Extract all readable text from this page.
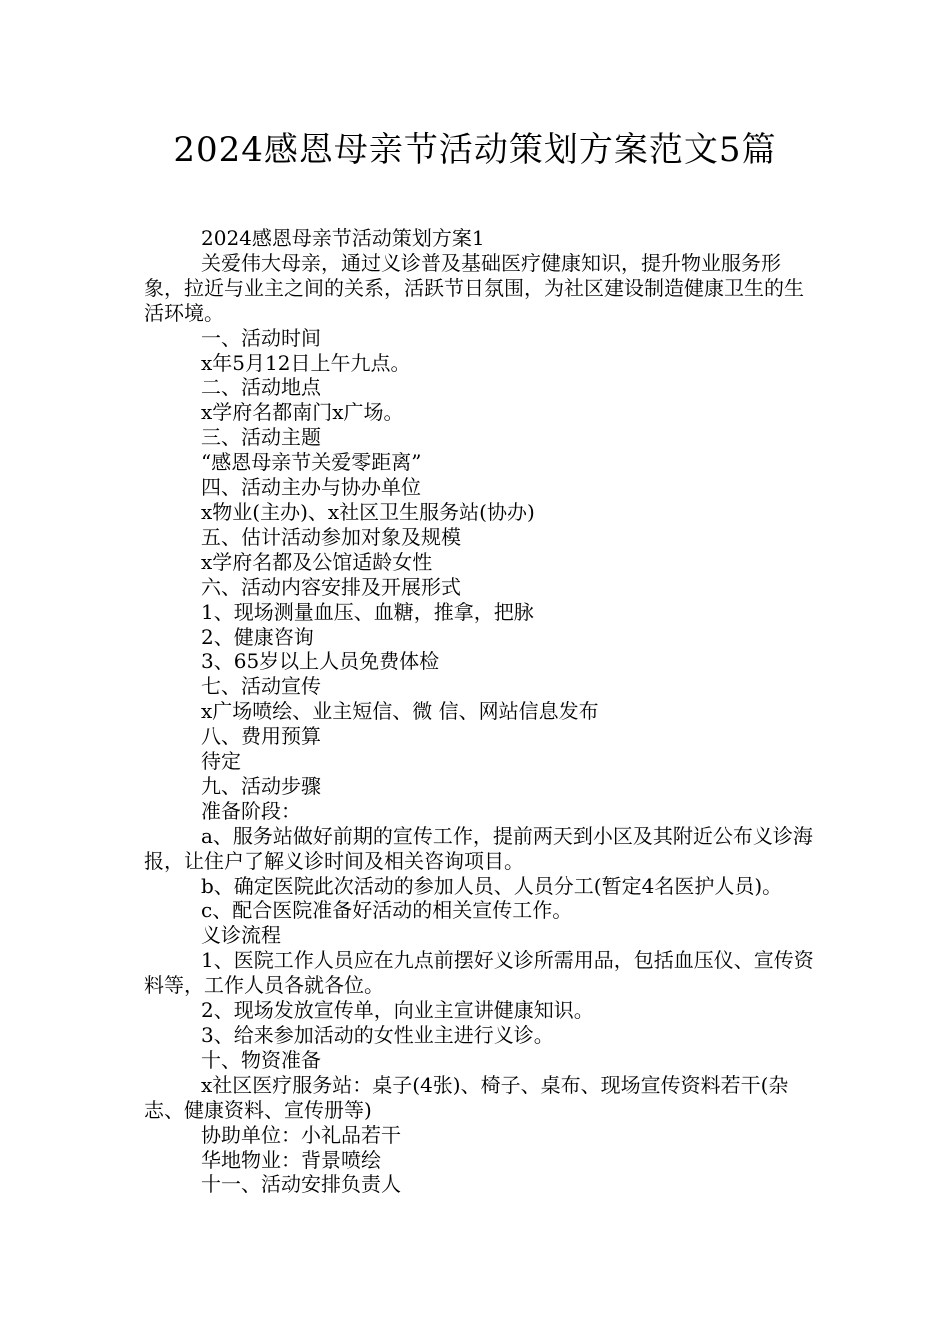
2024感恩母亲节活动策划方案范文5篇

2024感恩母亲节活动策划方案1

关爱伟大母亲，通过义诊普及基础医疗健康知识，提升物业服务形象，拉近与业主之间的关系，活跃节日氛围，为社区建设制造健康卫生的生活环境。

一、活动时间

x年5月12日上午九点。

二、活动地点

x学府名都南门x广场。

三、活动主题

“感恩母亲节关爱零距离”

四、活动主办与协办单位

x物业(主办)、x社区卫生服务站(协办)

五、估计活动参加对象及规模

x学府名都及公馆适龄女性

六、活动内容安排及开展形式

1、现场测量血压、血糖，推拿，把脉

2、健康咨询

3、65岁以上人员免费体检

七、活动宣传

x广场喷绘、业主短信、微 信、网站信息发布

八、费用预算

待定

九、活动步骤

准备阶段：

a、服务站做好前期的宣传工作，提前两天到小区及其附近公布义诊海报，让住户了解义诊时间及相关咨询项目。

b、确定医院此次活动的参加人员、人员分工(暂定4名医护人员)。

c、配合医院准备好活动的相关宣传工作。

义诊流程

1、医院工作人员应在九点前摆好义诊所需用品，包括血压仪、宣传资料等，工作人员各就各位。

2、现场发放宣传单，向业主宣讲健康知识。

3、给来参加活动的女性业主进行义诊。

十、物资准备

x社区医疗服务站：桌子(4张)、椅子、桌布、现场宣传资料若干(杂志、健康资料、宣传册等)

协助单位：小礼品若干

华地物业：背景喷绘

十一、活动安排负责人
